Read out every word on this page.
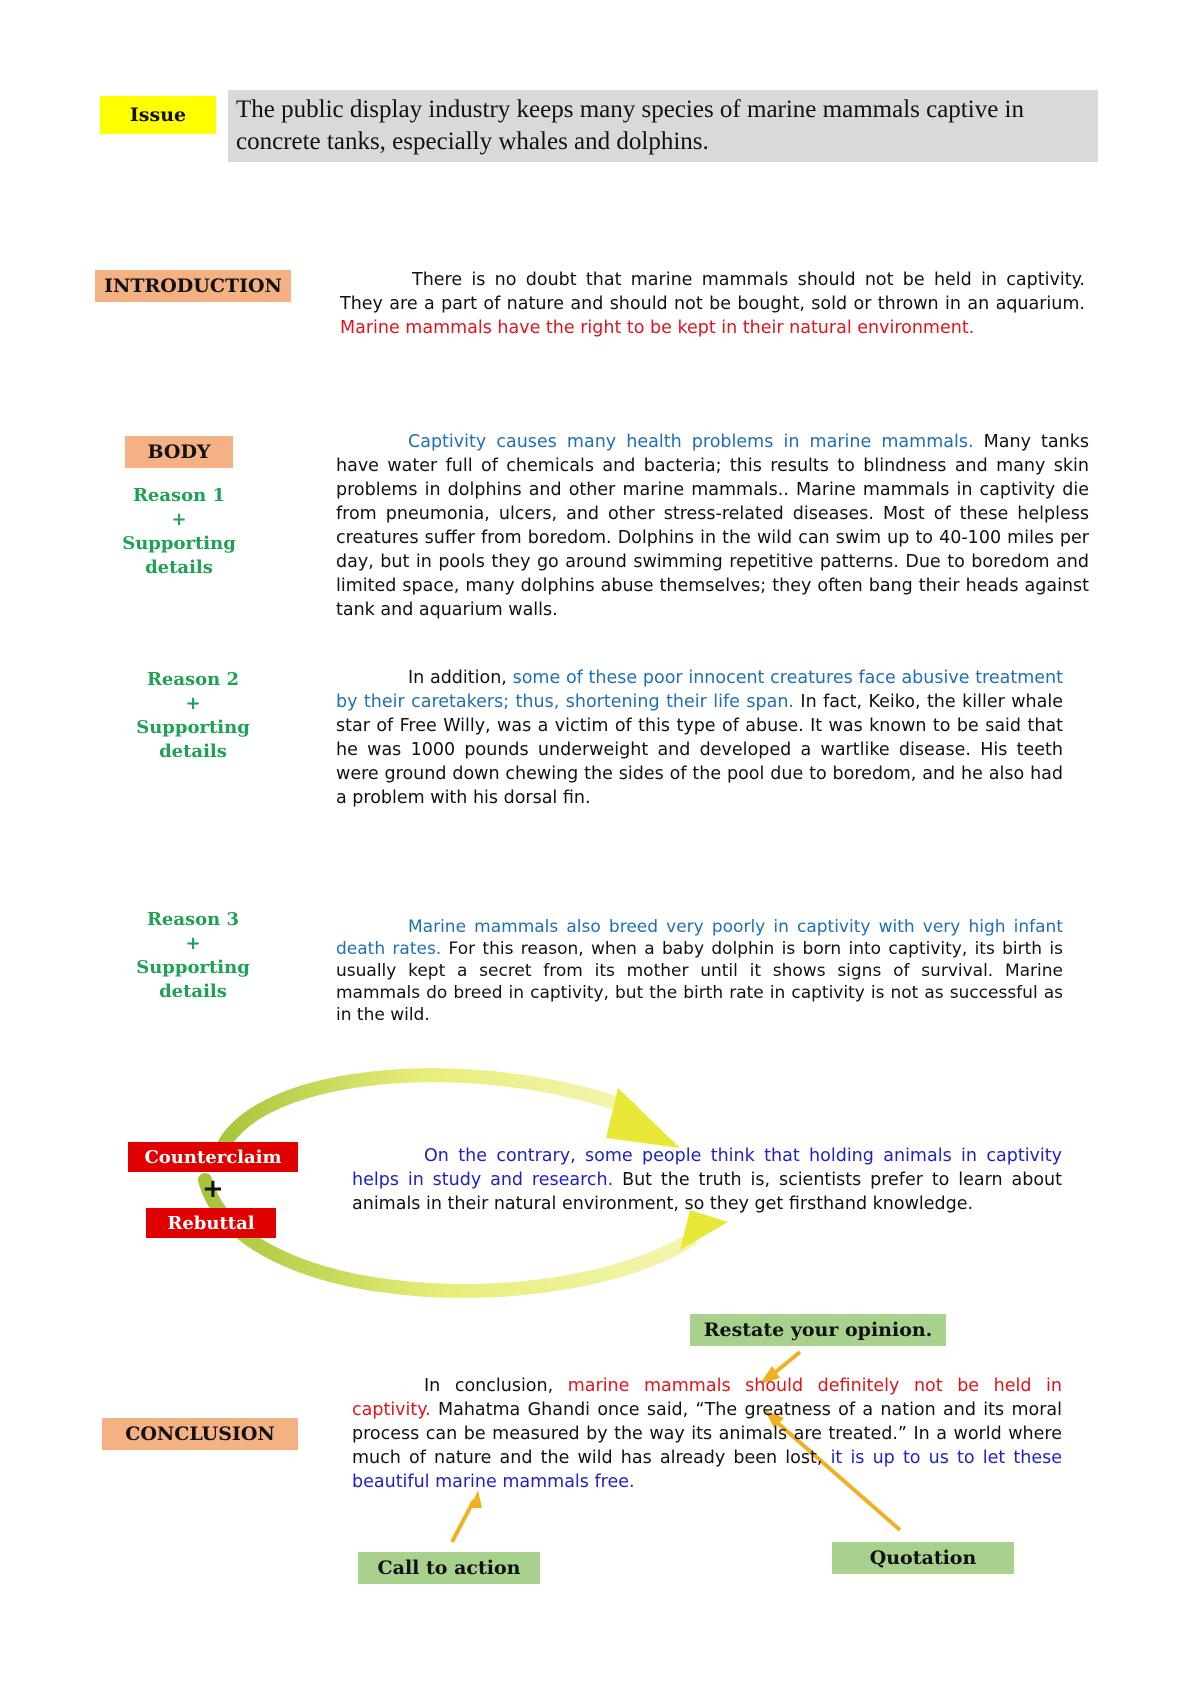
Issue	The public display industry keeps many species of marine mammals captive in concrete tanks, especially whales and dolphins.
INTRODUCTION	There is no doubt that marine mammals should not be held in captivity. They are a part of nature and should not be bought, sold or thrown in an aquarium. Marine mammals have the right to be kept in their natural environment.
BODY
Reason 1
+
Supporting
details
Captivity causes many health problems in marine mammals. Many tanks have water full of chemicals and bacteria; this results to blindness and many skin problems in dolphins and other marine mammals.. Marine mammals in captivity die from pneumonia, ulcers, and other stress-related diseases. Most of these helpless creatures suffer from boredom. Dolphins in the wild can swim up to 40-100 miles per day, but in pools they go around swimming repetitive patterns. Due to boredom and limited space, many dolphins abuse themselves; they often bang their heads against tank and aquarium walls.
Reason 2
+
Supporting
details
In addition, some of these poor innocent creatures face abusive treatment by their caretakers; thus, shortening their life span. In fact, Keiko, the killer whale star of Free Willy, was a victim of this type of abuse. It was known to be said that he was 1000 pounds underweight and developed a wartlike disease. His teeth were ground down chewing the sides of the pool due to boredom, and he also had a problem with his dorsal fin.
Reason 3
+
Supporting
details
Marine mammals also breed very poorly in captivity with very high infant death rates. For this reason, when a baby dolphin is born into captivity, its birth is usually kept a secret from its mother until it shows signs of survival. Marine mammals do breed in captivity, but the birth rate in captivity is not as successful as in the wild.
Counterclaim
+
Rebuttal
On the contrary, some people think that holding animals in captivity helps in study and research. But the truth is, scientists prefer to learn about animals in their natural environment, so they get firsthand knowledge.
Restate your opinion.
CONCLUSION
In conclusion, marine mammals should definitely not be held in captivity. Mahatma Ghandi once said, “The greatness of a nation and its moral process can be measured by the way its animals are treated.” In a world where much of nature and the wild has already been lost, it is up to us to let these beautiful marine mammals free.
Call to action	Quotation
